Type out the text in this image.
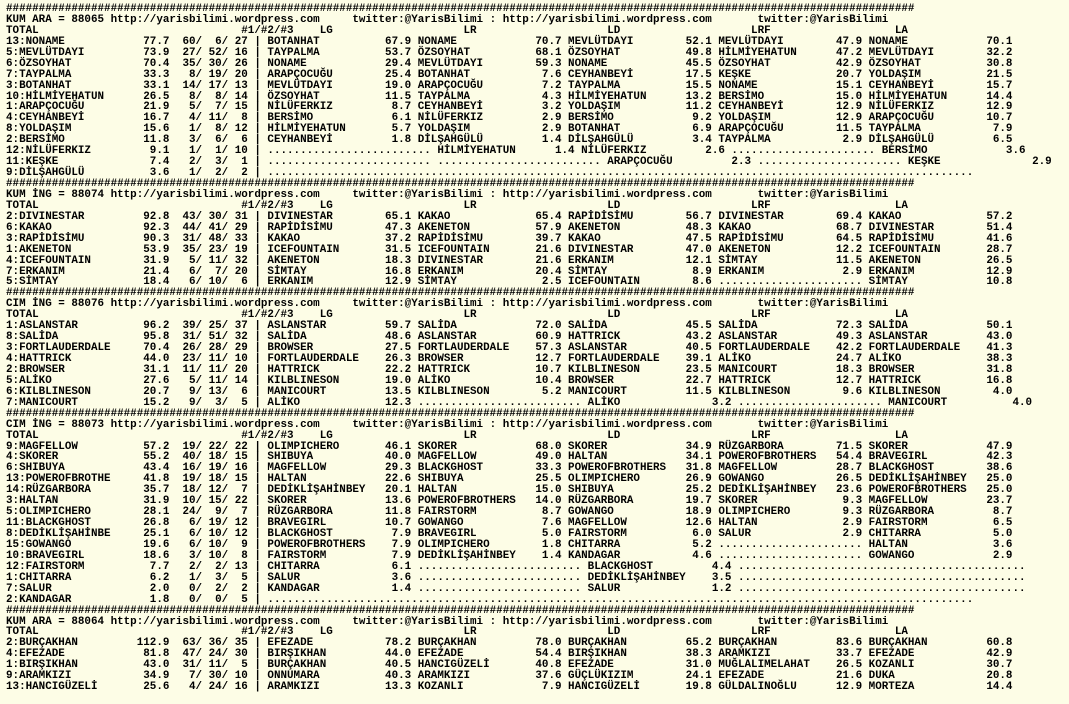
###########################################################################################################################################
KUM ARA = 88065 http://yarisbilimi.wordpress.com     twitter:@YarisBilimi : http://yarisbilimi.wordpress.com       twitter:@YarisBilimi
TOTAL                               #1/#2/#3    LG                    LR                    LD                    LRF                   LA
13:NONAME            77.7  60/  6/ 27 | BOTANHAT          67.9 NONAME            70.7 MEVLÜTDAYI        52.1 MEVLÜTDAYI        47.9 NONAME            70.1
5:MEVLÜTDAYI         73.9  27/ 52/ 16 | TAYPALMA          53.7 ÖZSOYHAT          68.1 ÖZSOYHAT          49.8 HİLMİYEHATUN      47.2 MEVLÜTDAYI        32.2
6:ÖZSOYHAT           70.4  35/ 30/ 26 | NONAME            29.4 MEVLÜTDAYI        59.3 NONAME            45.5 ÖZSOYHAT          42.9 ÖZSOYHAT          30.8
7:TAYPALMA           33.3   8/ 19/ 20 | ARAPÇOCUĞU        25.4 BOTANHAT           7.6 CEYHANBEYİ        17.5 KEŞKE             20.7 YOLDAŞIM          21.5
3:BOTANHAT           33.1  14/ 17/ 13 | MEVLÜTDAYI        19.0 ARAPÇOCUĞU         7.2 TAYPALMA          15.5 NONAME            15.1 CEYHANBEYİ        15.7
10:HİLMİYEHATUN      26.5   8/  8/ 14 | ÖZSOYHAT          11.5 TAYPALMA           4.3 HİLMİYEHATUN      13.2 BERSİMO           15.0 HİLMİYEHATUN      14.4
1:ARAPÇOCUĞU         21.9   5/  7/ 15 | NİLÜFERKIZ         8.7 CEYHANBEYİ         3.2 YOLDAŞIM          11.2 CEYHANBEYİ        12.9 NİLÜFERKIZ        12.9
4:CEYHANBEYİ         16.7   4/ 11/  8 | BERSİMO            6.1 NİLÜFERKIZ         2.9 BERSİMO            9.2 YOLDAŞIM          12.9 ARAPÇOCUĞU        10.7
8:YOLDAŞIM           15.6   1/  8/ 12 | HİLMİYEHATUN       5.7 YOLDAŞIM           2.9 BOTANHAT           6.9 ARAPÇOCUĞU        11.5 TAYPALMA           7.9
2:BERSİMO            11.8   3/  6/  6 | CEYHANBEYİ         1.8 DİLŞAHGÜLÜ         1.4 DİLŞAHGÜLÜ         3.4 TAYPALMA           2.9 DİLŞAHGÜLÜ         6.5
12:NİLÜFERKIZ         9.1   1/  1/ 10 | ......................... HİLMİYEHATUN      1.4 NİLÜFERKIZ         2.6 ...................... BERSİMO            3.6
11:KEŞKE              7.4   2/  3/  1 | ......................... ......................... ARAPÇOCUĞU         2.3 ...................... KEŞKE              2.9
9:DİLŞAHGÜLÜ          3.6   1/  2/  2 | ............................................................................................................
###########################################################################################################################################
KUM İNG = 88074 http://yarisbilimi.wordpress.com     twitter:@YarisBilimi : http://yarisbilimi.wordpress.com       twitter:@YarisBilimi
TOTAL                               #1/#2/#3    LG                    LR                    LD                    LRF                   LA
2:DIVINESTAR         92.8  43/ 30/ 31 | DIVINESTAR        65.1 KAKAO             65.4 RAPİDİSİMU        56.7 DIVINESTAR        69.4 KAKAO             57.2
6:KAKAO              92.3  44/ 41/ 29 | RAPİDİSİMU        47.3 AKENETON          57.9 AKENETON          48.3 KAKAO             68.7 DIVINESTAR        51.4
3:RAPİDİSİMU         90.3  31/ 48/ 33 | KAKAO             37.2 RAPİDİSİMU        39.7 KAKAO             47.5 RAPİDİSİMU        64.5 RAPİDİSİMU        41.6
1:AKENETON           53.9  35/ 23/ 19 | ICEFOUNTAIN       31.5 ICEFOUNTAIN       21.6 DIVINESTAR        47.0 AKENETON          12.2 ICEFOUNTAIN       28.7
4:ICEFOUNTAIN        31.9   5/ 11/ 32 | AKENETON          18.3 DIVINESTAR        21.6 ERKANIM           12.1 SİMTAY            11.5 AKENETON          26.5
7:ERKANIM            21.4   6/  7/ 20 | SİMTAY            16.8 ERKANIM           20.4 SİMTAY             8.9 ERKANIM            2.9 ERKANIM           12.9
5:SİMTAY             18.4   6/ 10/  6 | ERKANIM           12.9 SİMTAY             2.5 ICEFOUNTAIN        8.6 ...................... SİMTAY            10.8
###########################################################################################################################################
CIM İNG = 88076 http://yarisbilimi.wordpress.com     twitter:@YarisBilimi : http://yarisbilimi.wordpress.com       twitter:@YarisBilimi
TOTAL                               #1/#2/#3    LG                    LR                    LD                    LRF                   LA
1:ASLANSTAR          96.2  39/ 25/ 37 | ASLANSTAR         59.7 SALİDA            72.0 SALİDA            45.5 SALİDA            72.3 SALİDA            50.1
8:SALİDA             95.8  31/ 51/ 32 | SALİDA            48.6 ASLANSTAR         60.9 HATTRICK          43.2 ASLANSTAR         49.3 ASLANSTAR         43.0
3:FORTLAUDERDALE     70.4  26/ 28/ 29 | BROWSER           27.5 FORTLAUDERDALE    57.3 ASLANSTAR         40.5 FORTLAUDERDALE    42.2 FORTLAUDERDALE    41.3
4:HATTRICK           44.0  23/ 11/ 10 | FORTLAUDERDALE    26.3 BROWSER           12.7 FORTLAUDERDALE    39.1 ALİKO             24.7 ALİKO             38.3
2:BROWSER            31.1  11/ 11/ 20 | HATTRICK          22.2 HATTRICK          10.7 KILBLINESON       23.5 MANICOURT         18.3 BROWSER           31.8
5:ALİKO              27.6   5/ 11/ 14 | KILBLINESON       19.0 ALİKO             10.4 BROWSER           22.7 HATTRICK          12.7 HATTRICK          16.8
6:KILBLINESON        20.7   9/ 13/  6 | MANICOURT         13.5 KILBLINESON        5.2 MANICOURT         11.5 KILBLINESON        9.6 KILBLINESON        4.0
7:MANICOURT          15.2   9/  3/  5 | ALİKO             12.3 ......................... ALİKO              3.2 ...................... MANICOURT          4.0
###########################################################################################################################################
CIM İNG = 88073 http://yarisbilimi.wordpress.com     twitter:@YarisBilimi : http://yarisbilimi.wordpress.com       twitter:@YarisBilimi
TOTAL                               #1/#2/#3    LG                    LR                    LD                    LRF                   LA
9:MAGFELLOW          57.2  19/ 22/ 22 | OLIMPICHERO       46.1 SKORER            68.0 SKORER            34.9 RÜZGARBORA        71.5 SKORER            47.9
4:SKORER             55.2  40/ 18/ 15 | SHIBUYA           40.0 MAGFELLOW         49.0 HALTAN            34.1 POWEROFBROTHERS   54.4 BRAVEGIRL         42.3
6:SHIBUYA            43.4  16/ 19/ 16 | MAGFELLOW         29.3 BLACKGHOST        33.3 POWEROFBROTHERS   31.8 MAGFELLOW         28.7 BLACKGHOST        38.6
13:POWEROFBROTHE     41.8  19/ 18/ 15 | HALTAN            22.6 SHIBUYA           25.5 OLIMPICHERO       26.9 GOWANGO           26.5 DEDİKLİŞAHİNBEY   25.0
14:RÜZGARBORA        35.7  18/ 12/  7 | DEDİKLİŞAHİNBEY   20.1 HALTAN            15.0 SHIBUYA           25.2 DEDİKLİŞAHİNBEY   23.6 POWEROFBROTHERS   25.0
3:HALTAN             31.9  10/ 15/ 22 | SKORER            13.6 POWEROFBROTHERS   14.0 RÜZGARBORA        19.7 SKORER             9.3 MAGFELLOW         23.7
5:OLIMPICHERO        28.1  24/  9/  7 | RÜZGARBORA        11.8 FAIRSTORM          8.7 GOWANGO           18.9 OLIMPICHERO        9.3 RÜZGARBORA         8.7
11:BLACKGHOST        26.8   6/ 19/ 12 | BRAVEGIRL         10.7 GOWANGO            7.6 MAGFELLOW         12.6 HALTAN             2.9 FAIRSTORM          6.5
8:DEDİKLİŞAHİNBE     25.1   6/ 10/ 12 | BLACKGHOST         7.9 BRAVEGIRL          5.0 FAIRSTORM          6.0 SALUR              2.9 CHITARRA           5.0
15:GOWANGO           19.6   6/ 10/  9 | POWEROFBROTHERS    7.9 OLIMPICHERO        1.8 CHITARRA           5.2 ...................... HALTAN             3.6
10:BRAVEGIRL         18.6   3/ 10/  8 | FAIRSTORM          7.9 DEDİKLİŞAHİNBEY    1.4 KANDAGAR           4.6 ...................... GOWANGO            2.9
12:FAIRSTORM          7.7   2/  2/ 13 | CHITARRA           6.1 ......................... BLACKGHOST         4.4 ............................................
1:CHITARRA            6.2   1/  3/  5 | SALUR              3.6 ......................... DEDİKLİŞAHİNBEY    3.5 ............................................
7:SALUR               2.0   0/  2/  2 | KANDAGAR           1.4 ......................... SALUR              1.2 ............................................
2:KANDAGAR            1.8   0/  0/  5 | ............................................................................................................
###########################################################################################################################################
KUM ARA = 88064 http://yarisbilimi.wordpress.com     twitter:@YarisBilimi : http://yarisbilimi.wordpress.com       twitter:@YarisBilimi
TOTAL                               #1/#2/#3    LG                    LR                    LD                    LRF                   LA
2:BURÇAKHAN         112.9  63/ 36/ 35 | EFEZADE           78.2 BURÇAKHAN         78.0 BURÇAKHAN         65.2 BURÇAKHAN         83.6 BURÇAKHAN         60.8
4:EFEZADE            81.8  47/ 24/ 30 | BIRŞIKHAN         44.0 EFEZADE           54.4 BIRŞIKHAN         38.3 ARAMKIZI          33.7 EFEZADE           42.9
1:BIRŞIKHAN          43.0  31/ 11/  5 | BURÇAKHAN         40.5 HANCIGÜZELİ       40.8 EFEZADE           31.0 MUĞLALIMELAHAT    26.5 KOZANLI           30.7
9:ARAMKIZI           34.9   7/ 30/ 10 | ONNUMARA          40.3 ARAMKIZI          37.6 GÜÇLÜKIZIM        24.1 EFEZADE           21.6 DUKA              20.8
13:HANCIGÜZELİ       25.6   4/ 24/ 16 | ARAMKIZI          13.3 KOZANLI            7.9 HANCIGÜZELİ       19.8 GÜLDALINOĞLU      12.9 MORTEZA           14.4
